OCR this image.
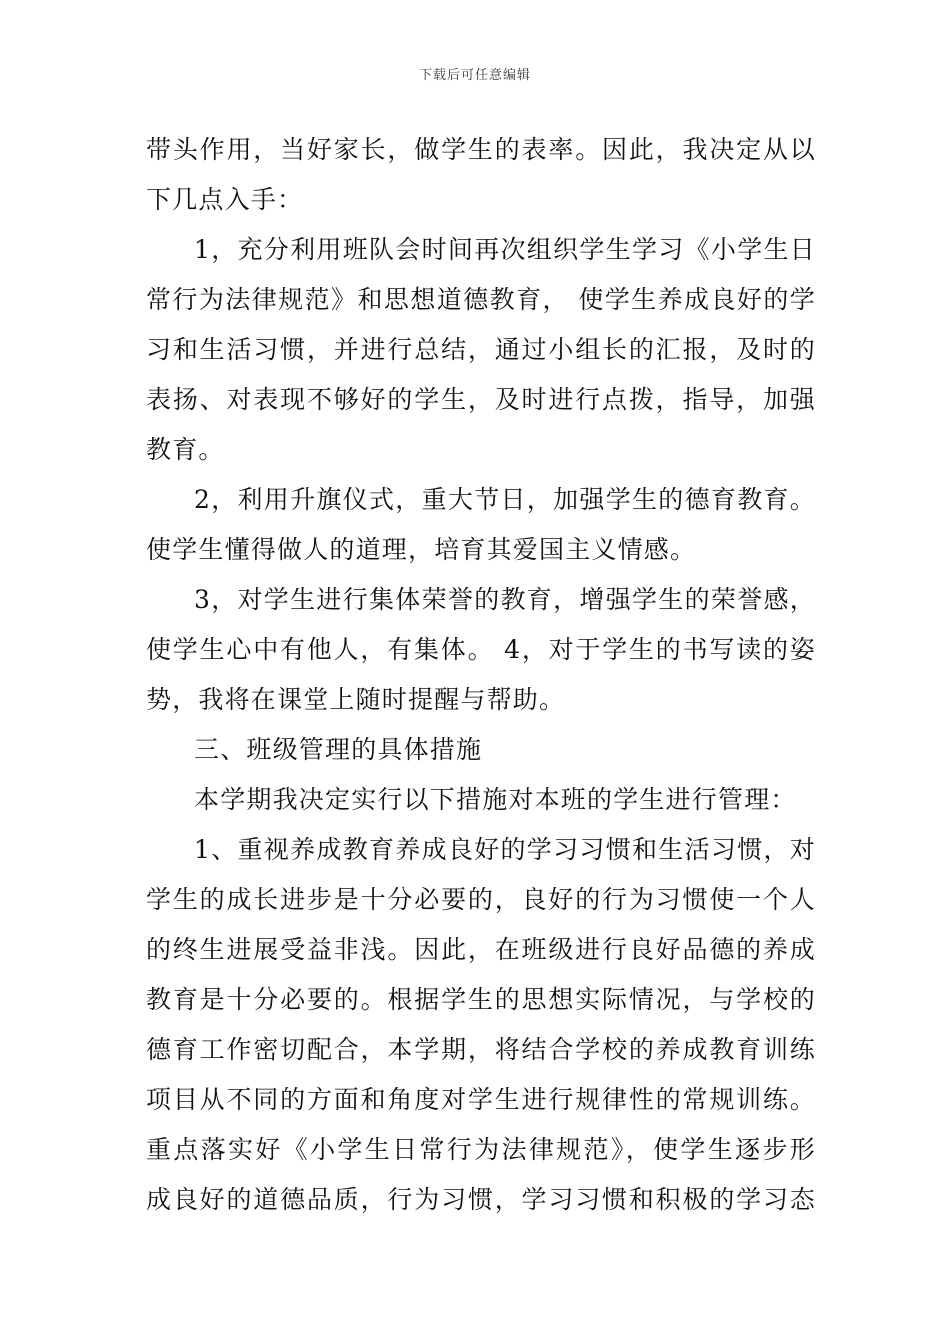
下载后可任意编辑
带头作用，当好家长，做学生的表率。因此，我决定从以
下几点入手：
1，充分利用班队会时间再次组织学生学习《小学生日
常行为法律规范》和思想道德教育， 使学生养成良好的学
习和生活习惯，并进行总结，通过小组长的汇报，及时的
表扬、对表现不够好的学生，及时进行点拨，指导，加强
教育。
2，利用升旗仪式，重大节日，加强学生的德育教育。
使学生懂得做人的道理，培育其爱国主义情感。
3，对学生进行集体荣誉的教育，增强学生的荣誉感，
使学生心中有他人，有集体。 4，对于学生的书写读的姿
势，我将在课堂上随时提醒与帮助。
三、班级管理的具体措施
本学期我决定实行以下措施对本班的学生进行管理：
1、重视养成教育养成良好的学习习惯和生活习惯，对
学生的成长进步是十分必要的，良好的行为习惯使一个人
的终生进展受益非浅。因此，在班级进行良好品德的养成
教育是十分必要的。根据学生的思想实际情况，与学校的
德育工作密切配合，本学期，将结合学校的养成教育训练
项目从不同的方面和角度对学生进行规律性的常规训练。
重点落实好《小学生日常行为法律规范》，使学生逐步形
成良好的道德品质，行为习惯，学习习惯和积极的学习态
